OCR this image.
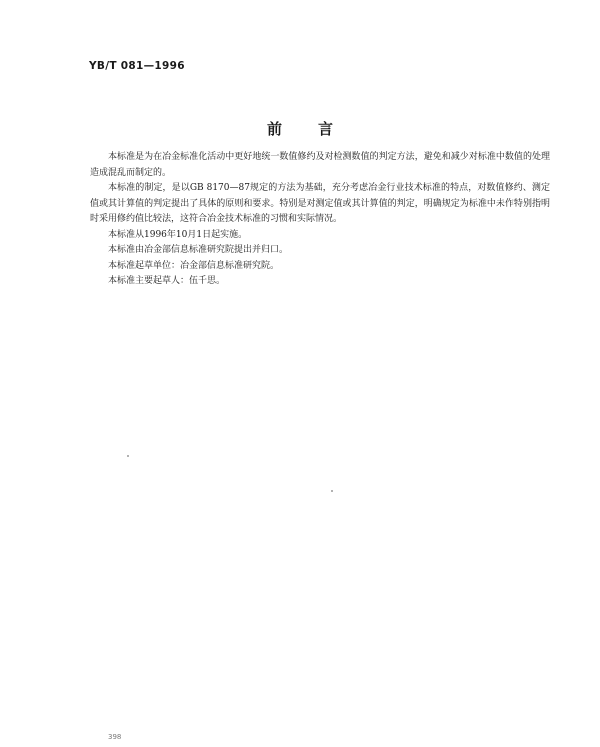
YB/T 081—1996
前言

本标准是为在冶金标准化活动中更好地统一数值修约及对检测数值的判定方法，避免和减少对标准中数值的处理造成混乱而制定的。

本标准的制定，是以GB 8170—87规定的方法为基础，充分考虑冶金行业技术标准的特点，对数值修约、测定值或其计算值的判定提出了具体的原则和要求。特别是对测定值或其计算值的判定，明确规定为标准中未作特别指明时采用修约值比较法，这符合冶金技术标准的习惯和实际情况。

本标准从1996年10月1日起实施。

本标准由冶金部信息标准研究院提出并归口。

本标准起草单位：冶金部信息标准研究院。

本标准主要起草人：伍千思。

398
